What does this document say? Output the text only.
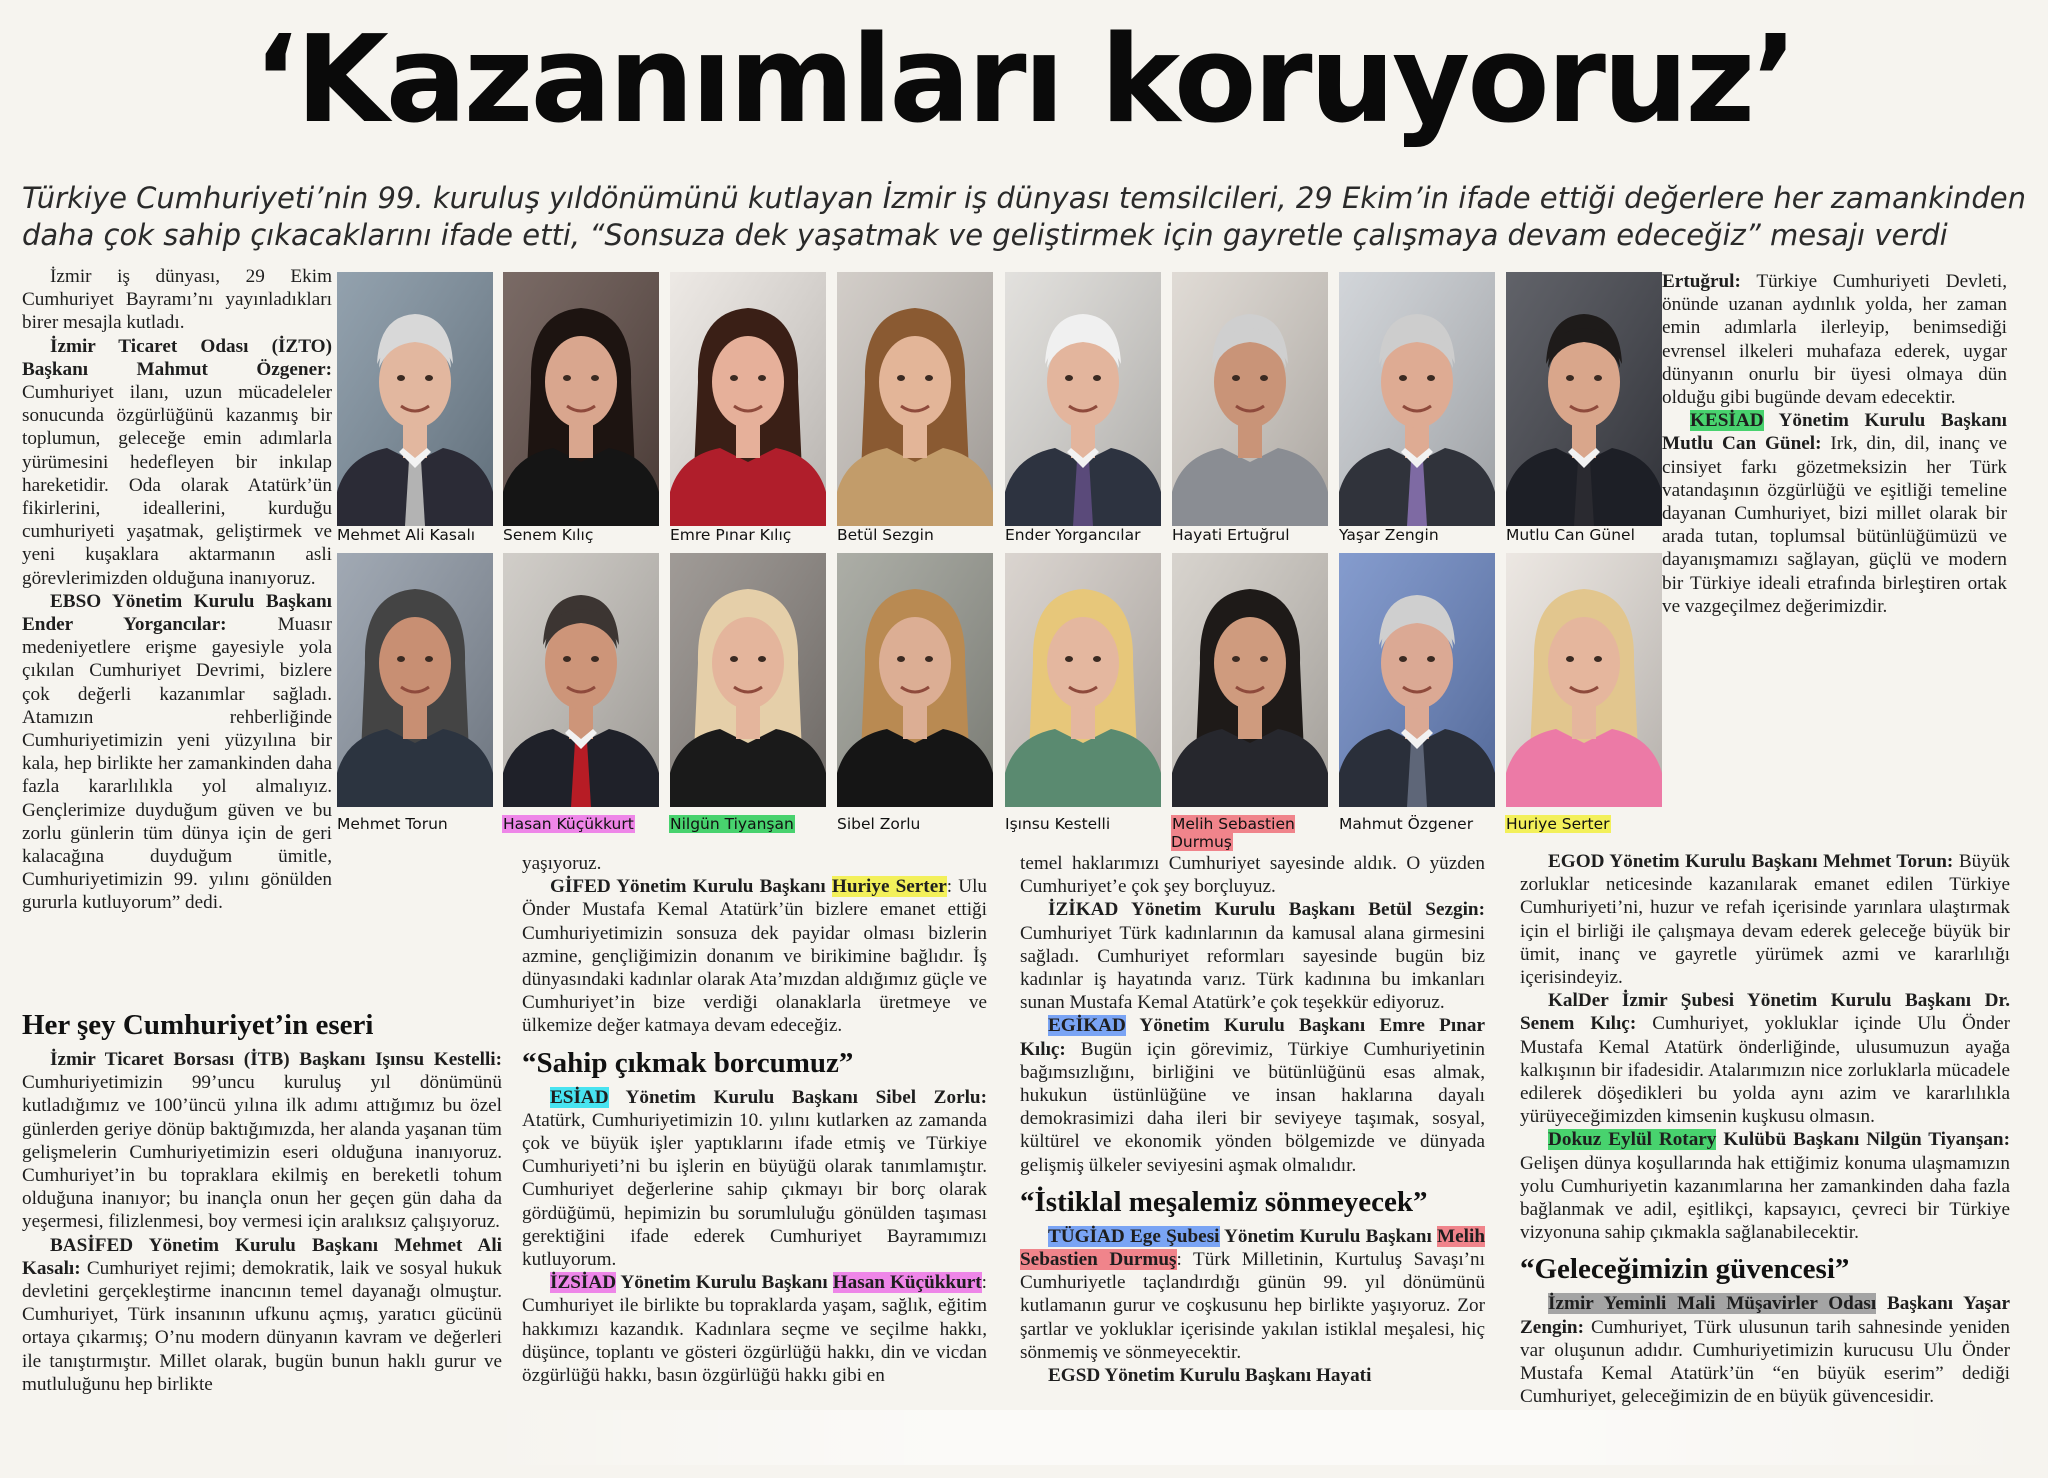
‘Kazanımları koruyoruz’
Türkiye Cumhuriyeti’nin 99. kuruluş yıldönümünü kutlayan İzmir iş dünyası temsilcileri, 29 Ekim’in ifade ettiği değerlere her zamankinden
daha çok sahip çıkacaklarını ifade etti, “Sonsuza dek yaşatmak ve geliştirmek için gayretle çalışmaya devam edeceğiz” mesajı verdi
Mehmet Ali Kasalı	Senem Kılıç	Emre Pınar Kılıç	Betül Sezgin	Ender Yorgancılar	Hayati Ertuğrul	Yaşar Zengin	Mutlu Can Günel
Mehmet Torun	Hasan Küçükkurt	Nilgün Tiyanşan	Sibel Zorlu	Işınsu Kestelli	Melih Sebastien Durmuş
Mahmut Özgener	Huriye Serter

İzmir iş dünyası, 29 Ekim Cumhuriyet Bayramı’nı yayınladıkları birer mesajla kutladı.

İzmir Ticaret Odası (İZTO) Başkanı Mahmut Özgener: Cumhuriyet ilanı, uzun mücadeleler sonucunda özgürlüğünü kazanmış bir toplumun, geleceğe emin adımlarla yürümesini hedefleyen bir inkılap hareketidir. Oda olarak Atatürk’ün fikirlerini, ideallerini, kurduğu cumhuriyeti yaşatmak, geliştirmek ve yeni kuşaklara aktarmanın asli görevlerimizden olduğuna inanıyoruz.

EBSO Yönetim Kurulu Başkanı Ender Yorgancılar: Muasır medeniyetlere erişme gayesiyle yola çıkılan Cumhuriyet Devrimi, bizlere çok değerli kazanımlar sağladı. Atamızın rehberliğinde Cumhuriyetimizin yeni yüzyılına bir kala, hep birlikte her zamankinden daha fazla kararlılıkla yol almalıyız. Gençlerimize duyduğum güven ve bu zorlu günlerin tüm dünya için de geri kalacağına duyduğum ümitle, Cumhuriyetimizin 99. yılını gönülden gururla kutluyorum” dedi.

Her şey Cumhuriyet’in eseri

İzmir Ticaret Borsası (İTB) Başkanı Işınsu Kestelli: Cumhuriyetimizin 99’uncu kuruluş yıl dönümünü kutladığımız ve 100’üncü yılına ilk adımı attığımız bu özel günlerden geriye dönüp baktığımızda, her alanda yaşanan tüm gelişmelerin Cumhuriyetimizin eseri olduğuna inanıyoruz. Cumhuriyet’in bu topraklara ekilmiş en bereketli tohum olduğuna inanıyor; bu inançla onun her geçen gün daha da yeşermesi, filizlenmesi, boy vermesi için aralıksız çalışıyoruz.

BASİFED Yönetim Kurulu Başkanı Mehmet Ali Kasalı: Cumhuriyet rejimi; demokratik, laik ve sosyal hukuk devletini gerçekleştirme inancının temel dayanağı olmuştur. Cumhuriyet, Türk insanının ufkunu açmış, yaratıcı gücünü ortaya çıkarmış; O’nu modern dünyanın kavram ve değerleri ile tanıştırmıştır. Millet olarak, bugün bunun haklı gurur ve mutluluğunu hep birlikte

yaşıyoruz.

GİFED Yönetim Kurulu Başkanı Huriye Serter: Ulu Önder Mustafa Kemal Atatürk’ün bizlere emanet ettiği Cumhuriyetimizin sonsuza dek payidar olması bizlerin azmine, gençliğimizin donanım ve birikimine bağlıdır. İş dünyasındaki kadınlar olarak Ata’mızdan aldığımız güçle ve Cumhuriyet’in bize verdiği olanaklarla üretmeye ve ülkemize değer katmaya devam edeceğiz.

“Sahip çıkmak borcumuz”

ESİAD Yönetim Kurulu Başkanı Sibel Zorlu: Atatürk, Cumhuriyetimizin 10. yılını kutlarken az zamanda çok ve büyük işler yaptıklarını ifade etmiş ve Türkiye Cumhuriyeti’ni bu işlerin en büyüğü olarak tanımlamıştır. Cumhuriyet değerlerine sahip çıkmayı bir borç olarak gördüğümü, hepimizin bu sorumluluğu gönülden taşıması gerektiğini ifade ederek Cumhuriyet Bayramımızı kutluyorum.

İZSİAD Yönetim Kurulu Başkanı Hasan Küçükkurt: Cumhuriyet ile birlikte bu topraklarda yaşam, sağlık, eğitim hakkımızı kazandık. Kadınlara seçme ve seçilme hakkı, düşünce, toplantı ve gösteri özgürlüğü hakkı, din ve vicdan özgürlüğü hakkı, basın özgürlüğü hakkı gibi en

temel haklarımızı Cumhuriyet sayesinde aldık. O yüzden Cumhuriyet’e çok şey borçluyuz.

İZİKAD Yönetim Kurulu Başkanı Betül Sezgin: Cumhuriyet Türk kadınlarının da kamusal alana girmesini sağladı. Cumhuriyet reformları sayesinde bugün biz kadınlar iş hayatında varız. Türk kadınına bu imkanları sunan Mustafa Kemal Atatürk’e çok teşekkür ediyoruz.

EGİKAD Yönetim Kurulu Başkanı Emre Pınar Kılıç: Bugün için görevimiz, Türkiye Cumhuriyetinin bağımsızlığını, birliğini ve bütünlüğünü esas almak, hukukun üstünlüğüne ve insan haklarına dayalı demokrasimizi daha ileri bir seviyeye taşımak, sosyal, kültürel ve ekonomik yönden bölgemizde ve dünyada gelişmiş ülkeler seviyesini aşmak olmalıdır.

“İstiklal meşalemiz sönmeyecek”

TÜGİAD Ege Şubesi Yönetim Kurulu Başkanı Melih Sebastien Durmuş: Türk Milletinin, Kurtuluş Savaşı’nı Cumhuriyetle taçlandırdığı günün 99. yıl dönümünü kutlamanın gurur ve coşkusunu hep birlikte yaşıyoruz. Zor şartlar ve yokluklar içerisinde yakılan istiklal meşalesi, hiç sönmemiş ve sönmeyecektir.

EGSD Yönetim Kurulu Başkanı Hayati

Ertuğrul: Türkiye Cumhuriyeti Devleti, önünde uzanan aydınlık yolda, her zaman emin adımlarla ilerleyip, benimsediği evrensel ilkeleri muhafaza ederek, uygar dünyanın onurlu bir üyesi olmaya dün olduğu gibi bugünde devam edecektir.

KESİAD Yönetim Kurulu Başkanı Mutlu Can Günel: Irk, din, dil, inanç ve cinsiyet farkı gözetmeksizin her Türk vatandaşının özgürlüğü ve eşitliği temeline dayanan Cumhuriyet, bizi millet olarak bir arada tutan, toplumsal bütünlüğümüzü ve dayanışmamızı sağlayan, güçlü ve modern bir Türkiye ideali etrafında birleştiren ortak ve vazgeçilmez değerimizdir.

EGOD Yönetim Kurulu Başkanı Mehmet Torun: Büyük zorluklar neticesinde kazanılarak emanet edilen Türkiye Cumhuriyeti’ni, huzur ve refah içerisinde yarınlara ulaştırmak için el birliği ile çalışmaya devam ederek geleceğe büyük bir ümit, inanç ve gayretle yürümek azmi ve kararlılığı içerisindeyiz.

KalDer İzmir Şubesi Yönetim Kurulu Başkanı Dr. Senem Kılıç: Cumhuriyet, yokluklar içinde Ulu Önder Mustafa Kemal Atatürk önderliğinde, ulusumuzun ayağa kalkışının bir ifadesidir. Atalarımızın nice zorluklarla mücadele edilerek döşedikleri bu yolda aynı azim ve kararlılıkla yürüyeceğimizden kimsenin kuşkusu olmasın.

Dokuz Eylül Rotary Kulübü Başkanı Nilgün Tiyanşan: Gelişen dünya koşullarında hak ettiğimiz konuma ulaşmamızın yolu Cumhuriyetin kazanımlarına her zamankinden daha fazla bağlanmak ve adil, eşitlikçi, kapsayıcı, çevreci bir Türkiye vizyonuna sahip çıkmakla sağlanabilecektir.

“Geleceğimizin güvencesi”

İzmir Yeminli Mali Müşavirler Odası Başkanı Yaşar Zengin: Cumhuriyet, Türk ulusunun tarih sahnesinde yeniden var oluşunun adıdır. Cumhuriyetimizin kurucusu Ulu Önder Mustafa Kemal Atatürk’ün “en büyük eserim” dediği Cumhuriyet, geleceğimizin de en büyük güvencesidir.
